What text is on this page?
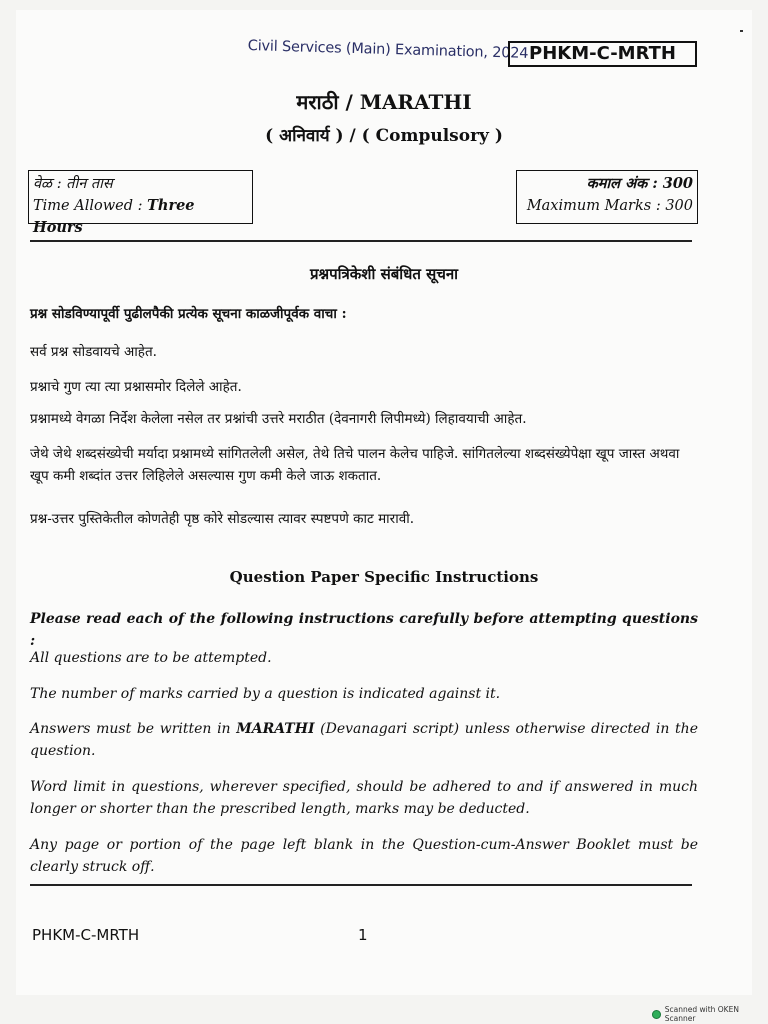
Civil Services (Main) Examination, 2024 PHKM-C-MRTH
मराठी / MARATHI
( अनिवार्य ) / ( Compulsory )
वेळ : तीन तास
Time Allowed : Three Hours
कमाल अंक : 300
Maximum Marks : 300
प्रश्नपत्रिकेशी संबंधित सूचना
प्रश्न सोडविण्यापूर्वी पुढीलपैकी प्रत्येक सूचना काळजीपूर्वक वाचा :
सर्व प्रश्न सोडवायचे आहेत.
प्रश्नाचे गुण त्या त्या प्रश्नासमोर दिलेले आहेत.
प्रश्नामध्ये वेगळा निर्देश केलेला नसेल तर प्रश्नांची उत्तरे मराठीत (देवनागरी लिपीमध्ये) लिहावयाची आहेत.
जेथे जेथे शब्दसंख्येची मर्यादा प्रश्नामध्ये सांगितलेली असेल, तेथे तिचे पालन केलेच पाहिजे. सांगितलेल्या शब्दसंख्येपेक्षा खूप जास्त अथवा खूप कमी शब्दांत उत्तर लिहिलेले असल्यास गुण कमी केले जाऊ शकतात.
प्रश्न-उत्तर पुस्तिकेतील कोणतेही पृष्ठ कोरे सोडल्यास त्यावर स्पष्टपणे काट मारावी.
Question Paper Specific Instructions
Please read each of the following instructions carefully before attempting questions :
All questions are to be attempted.
The number of marks carried by a question is indicated against it.
Answers must be written in MARATHI (Devanagari script) unless otherwise directed in the question.
Word limit in questions, wherever specified, should be adhered to and if answered in much longer or shorter than the prescribed length, marks may be deducted.
Any page or portion of the page left blank in the Question-cum-Answer Booklet must be clearly struck off.
PHKM-C-MRTH	1
Scanned with OKEN Scanner
